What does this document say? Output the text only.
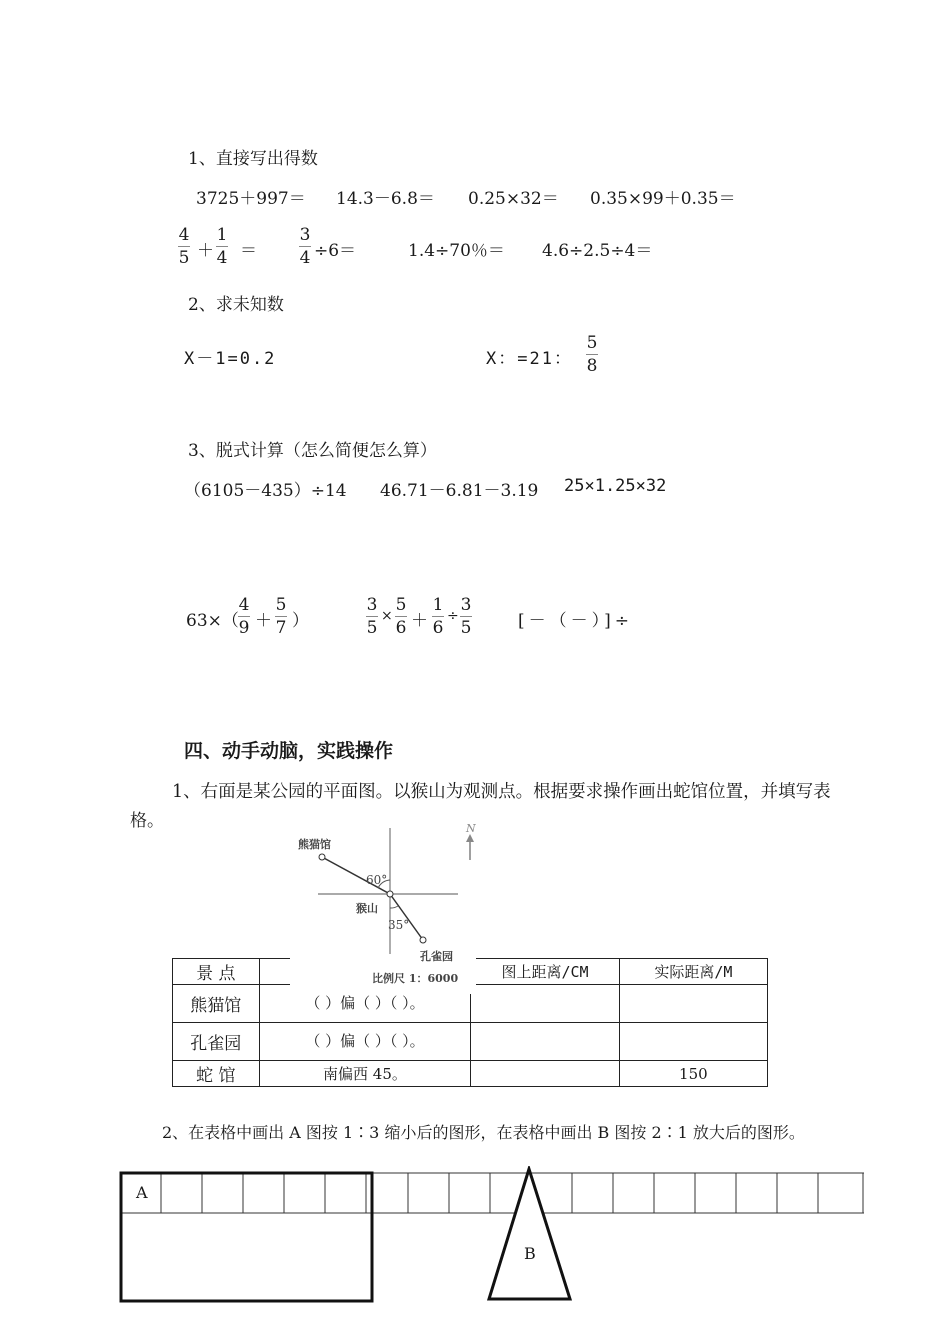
1、直接写出得数
3725＋997＝ 14.3－6.8＝ 0.25×32＝ 0.35×99＋0.35＝
4
5 ＋
1
4 ＝
3
4 ÷6＝	1.4÷70％＝ 4.6÷2.5÷4＝
2、求未知数
X－1=0.2	X：=21：
5
8
3、脱式计算（怎么简便怎么算）
（6105－435）÷14 46.71－6.81－3.19 25×1.25×32
63×（
4
9 ＋
5
7 ）
3
5
×
5
6 ＋
1
6
÷
3
5	[－（－）]÷
四、动手动脑，实践操作
1、右面是某公园的平面图。以猴山为观测点。根据要求操作画出蛇馆位置，并填写表
格。
景 点		图上距离/CM	实际距离/M
熊猫馆	（ ）偏（ ）（ ）。		
孔雀园	（ ）偏（ ）（ ）。		
蛇 馆	南偏西 45。		150
N
熊猫馆
60°
猴山
35°
孔雀园
比例尺 1：6000
2、在表格中画出 A 图按 1∶3 缩小后的图形，在表格中画出 B 图按 2∶1 放大后的图形。
A
B
